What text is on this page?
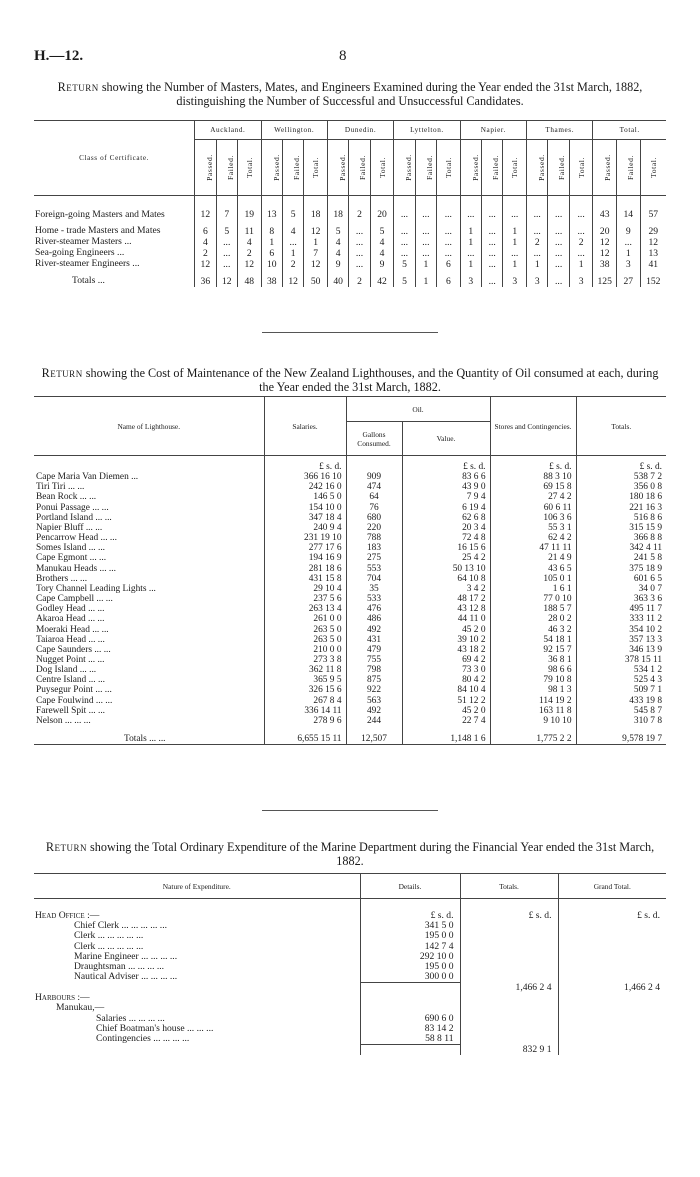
H.—12.	8
Return showing the Number of Masters, Mates, and Engineers Examined during the Year ended the 31st March, 1882, distinguishing the Number of Successful and Unsuccessful Candidates.
Class of Certificate.	Auckland.			Wellington.			Dunedin.			Lyttelton.			Napier.			Thames.			Total.		
	Passed.	Failed.	Total.	Passed.	Failed.	Total.	Passed.	Failed.	Total.	Passed.	Failed.	Total.	Passed.	Failed.	Total.	Passed.	Failed.	Total.	Passed.	Failed.	Total.
Foreign-going Masters and Mates	12	7	19	13	5	18	18	2	20	...	...	...	...	...	...	...	...	...	43	14	57
Home - trade Masters and Mates	6	5	11	8	4	12	5	...	5	...	...	...	1	...	1	...	...	...	20	9	29
River-steamer Masters ...	4	...	4	1	...	1	4	...	4	...	...	...	1	...	1	2	...	2	12	...	12
Sea-going Engineers ...	2	...	2	6	1	7	4	...	4	...	...	...	...	...	...	...	...	...	12	1	13
River-steamer Engineers ...	12	...	12	10	2	12	9	...	9	5	1	6	1	...	1	1	...	1	38	3	41
Totals ...	36	12	48	38	12	50	40	2	42	5	1	6	3	...	3	3	...	3	125	27	152
Return showing the Cost of Maintenance of the New Zealand Lighthouses, and the Quantity of Oil consumed at each, during the Year ended the 31st March, 1882.
Name of Lighthouse.	Salaries.	Oil.		Stores and Contingencies.	Totals.
		Gallons Consumed.	Value.		
	£ s. d.		£ s. d.	£ s. d.	£ s. d.
Cape Maria Van Diemen ...	366 16 10	909	83 6 6	88 3 10	538 7 2
Tiri Tiri ... ...	242 16 0	474	43 9 0	69 15 8	356 0 8
Bean Rock ... ...	146 5 0	64	7 9 4	27 4 2	180 18 6
Ponui Passage ... ...	154 10 0	76	6 19 4	60 6 11	221 16 3
Portland Island ... ...	347 18 4	680	62 6 8	106 3 6	516 8 6
Napier Bluff ... ...	240 9 4	220	20 3 4	55 3 1	315 15 9
Pencarrow Head ... ...	231 19 10	788	72 4 8	62 4 2	366 8 8
Somes Island ... ...	277 17 6	183	16 15 6	47 11 11	342 4 11
Cape Egmont ... ...	194 16 9	275	25 4 2	21 4 9	241 5 8
Manukau Heads ... ...	281 18 6	553	50 13 10	43 6 5	375 18 9
Brothers ... ...	431 15 8	704	64 10 8	105 0 1	601 6 5
Tory Channel Leading Lights ...	29 10 4	35	3 4 2	1 6 1	34 0 7
Cape Campbell ... ...	237 5 6	533	48 17 2	77 0 10	363 3 6
Godley Head ... ...	263 13 4	476	43 12 8	188 5 7	495 11 7
Akaroa Head ... ...	261 0 0	486	44 11 0	28 0 2	333 11 2
Moeraki Head ... ...	263 5 0	492	45 2 0	46 3 2	354 10 2
Taiaroa Head ... ...	263 5 0	431	39 10 2	54 18 1	357 13 3
Cape Saunders ... ...	210 0 0	479	43 18 2	92 15 7	346 13 9
Nugget Point ... ...	273 3 8	755	69 4 2	36 8 1	378 15 11
Dog Island ... ...	362 11 8	798	73 3 0	98 6 6	534 1 2
Centre Island ... ...	365 9 5	875	80 4 2	79 10 8	525 4 3
Puysegur Point ... ...	326 15 6	922	84 10 4	98 1 3	509 7 1
Cape Foulwind ... ...	267 8 4	563	51 12 2	114 19 2	433 19 8
Farewell Spit ... ...	336 14 11	492	45 2 0	163 11 8	545 8 7
Nelson ... ... ...	278 9 6	244	22 7 4	9 10 10	310 7 8
Totals ... ...	6,655 15 11	12,507	1,148 1 6	1,775 2 2	9,578 19 7
Return showing the Total Ordinary Expenditure of the Marine Department during the Financial Year ended the 31st March, 1882.
Nature of Expenditure.	Details.	Totals.	Grand Total.
Head Office :—	£ s. d.	£ s. d.	£ s. d.
Chief Clerk ... ... ... ... ...	341 5 0		
Clerk ... ... ... ... ...	195 0 0		
Clerk ... ... ... ... ...	142 7 4		
Marine Engineer ... ... ... ...	292 10 0		
Draughtsman ... ... ... ...	195 0 0		
Nautical Adviser ... ... ... ...	300 0 0		
		1,466 2 4	1,466 2 4
Harbours :—			
Manukau,—			
Salaries ... ... ... ...	690 6 0		
Chief Boatman's house ... ... ...	83 14 2		
Contingencies ... ... ... ...	58 8 11		
		832 9 1	
